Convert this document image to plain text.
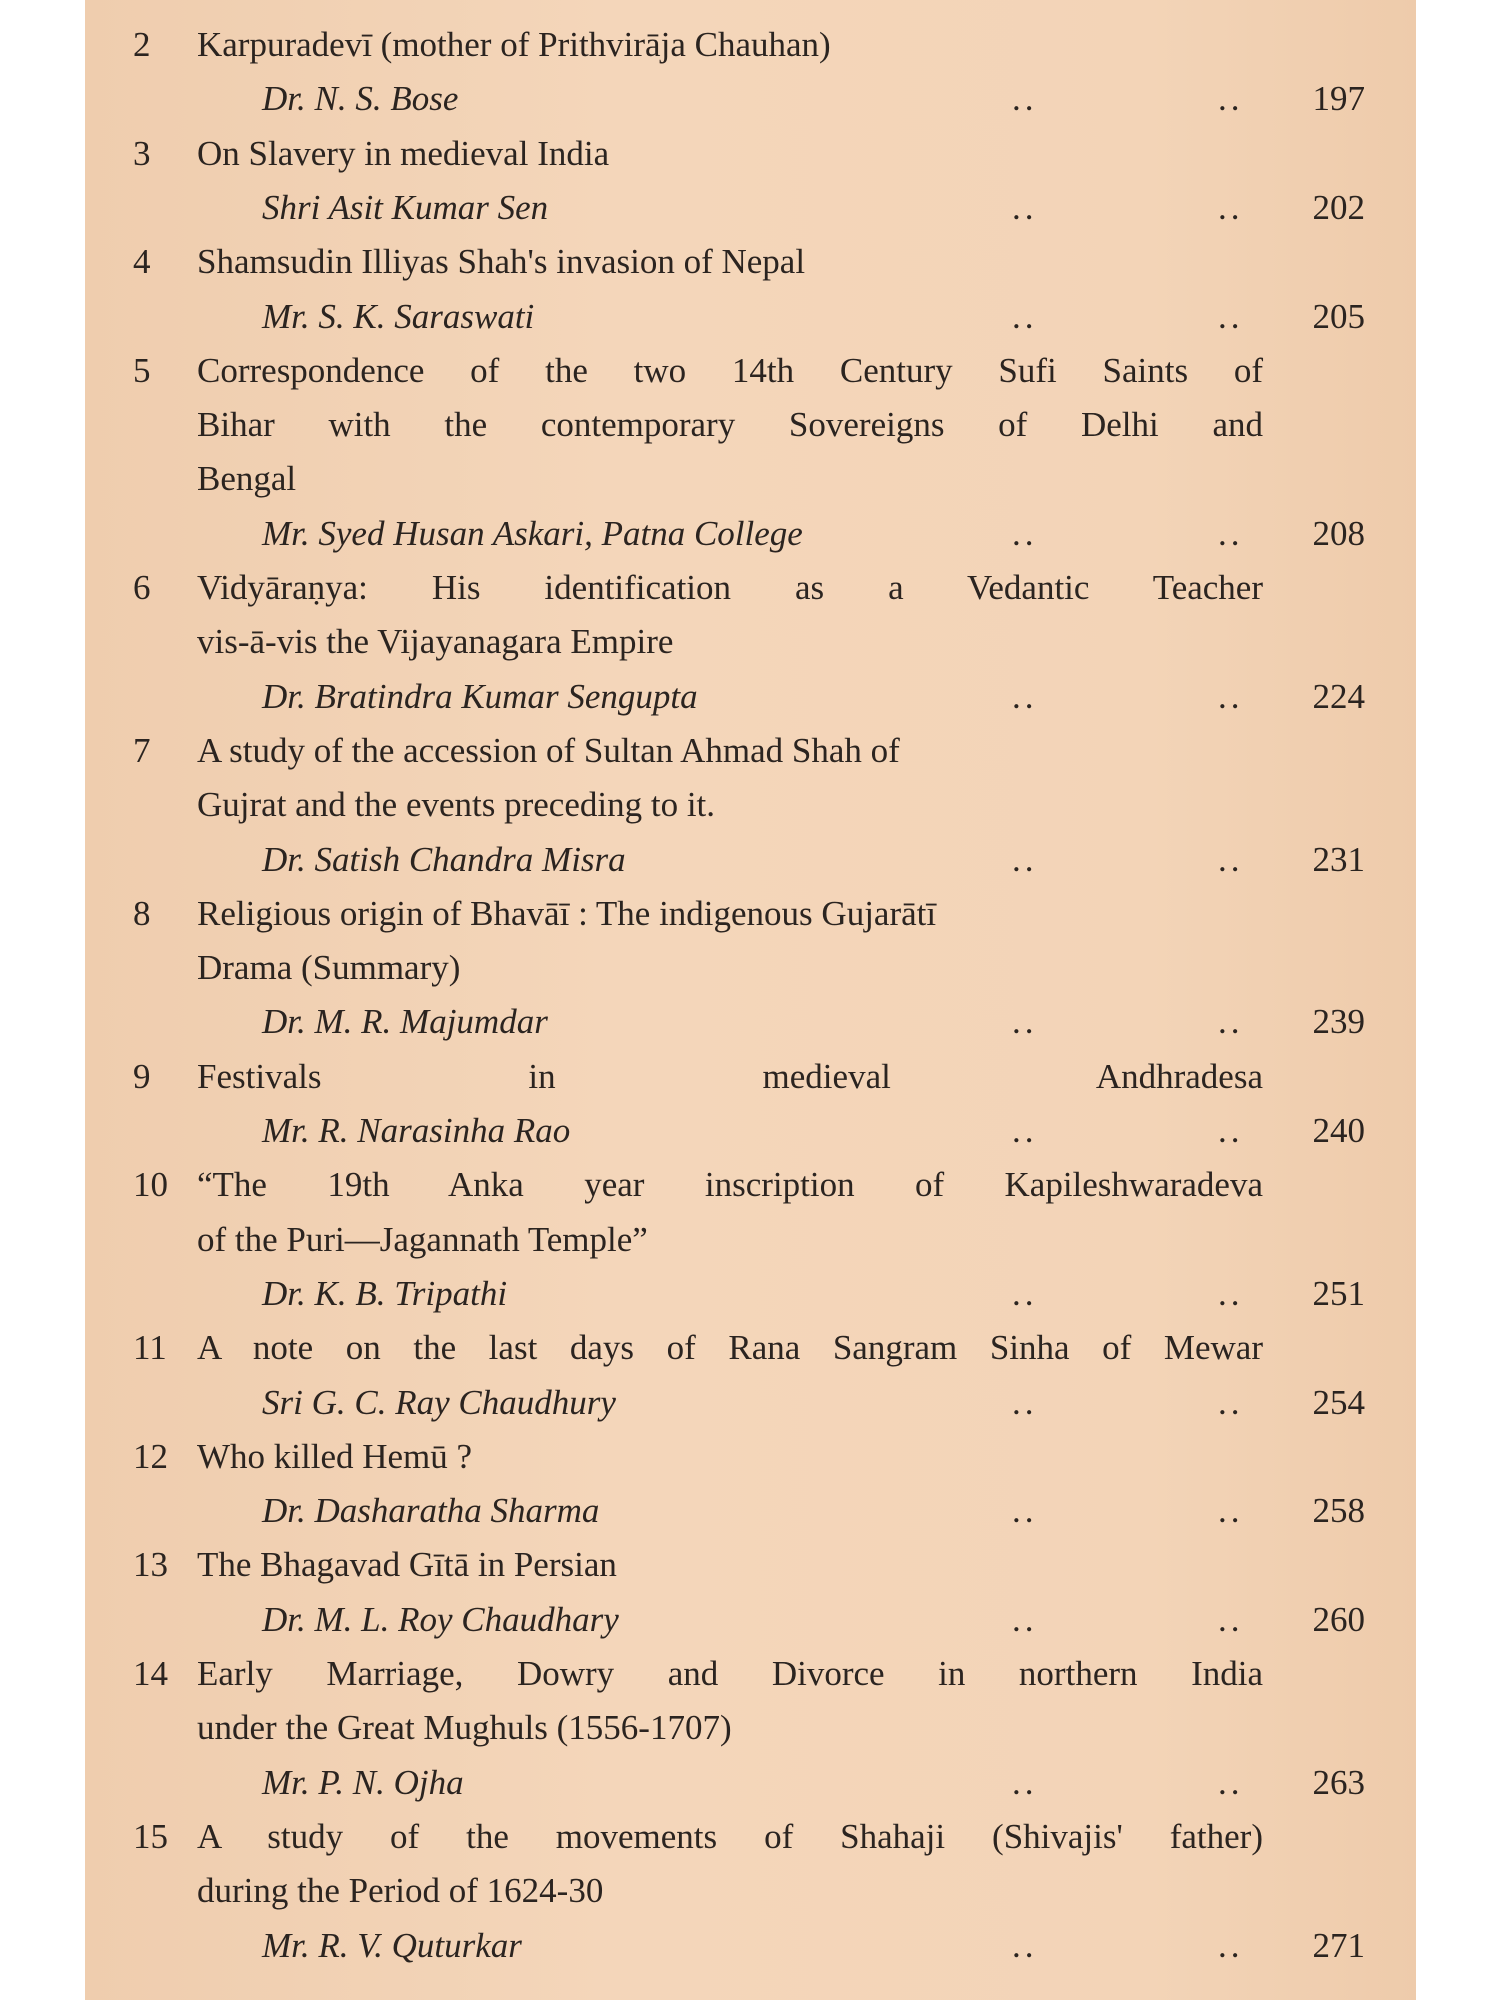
2 Karpuradevī (mother of Prithvirāja Chauhan)
Dr. N. S. Bose	..	.. 197
3 On Slavery in medieval India
Shri Asit Kumar Sen	..	.. 202
4 Shamsudin Illiyas Shah's invasion of Nepal
Mr. S. K. Saraswati	..	.. 205
5 Correspondence of the two 14th Century Sufi Saints of
Bihar with the contemporary Sovereigns of Delhi and
Bengal
Mr. Syed Husan Askari, Patna College	..	.. 208
6 Vidyāraṇya: His identification as a Vedantic Teacher
vis-ā-vis the Vijayanagara Empire
Dr. Bratindra Kumar Sengupta	..	.. 224
7 A study of the accession of Sultan Ahmad Shah of
Gujrat and the events preceding to it.
Dr. Satish Chandra Misra	..	.. 231
8 Religious origin of Bhavāī : The indigenous Gujarātī
Drama (Summary)
Dr. M. R. Majumdar	..	.. 239
9 Festivals in medieval Andhradesa
Mr. R. Narasinha Rao	..	.. 240
10 “The 19th Anka year inscription of Kapileshwaradeva
of the Puri—Jagannath Temple”
Dr. K. B. Tripathi	..	.. 251
11 A note on the last days of Rana Sangram Sinha of Mewar
Sri G. C. Ray Chaudhury	..	.. 254
12 Who killed Hemū ?
Dr. Dasharatha Sharma	..	.. 258
13 The Bhagavad Gītā in Persian
Dr. M. L. Roy Chaudhary	..	.. 260
14 Early Marriage, Dowry and Divorce in northern India
under the Great Mughuls (1556-1707)
Mr. P. N. Ojha	..	.. 263
15 A study of the movements of Shahaji (Shivajis' father)
during the Period of 1624-30
Mr. R. V. Quturkar	..	.. 271
